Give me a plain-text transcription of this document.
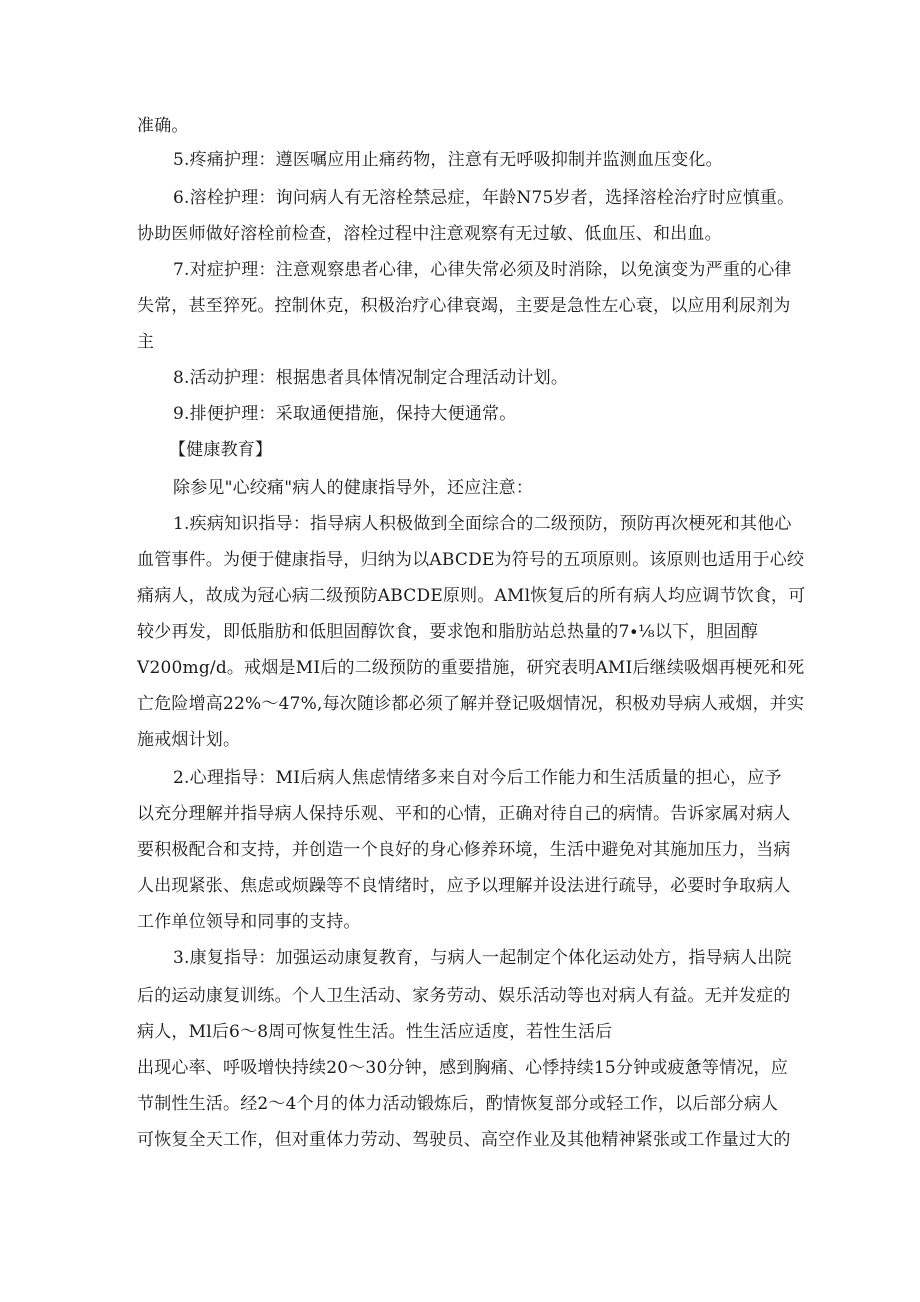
准确。

5.疼痛护理：遵医嘱应用止痛药物，注意有无呼吸抑制并监测血压变化。

6.溶栓护理：询问病人有无溶栓禁忌症，年龄N75岁者，选择溶栓治疗时应慎重。

协助医师做好溶栓前检查，溶栓过程中注意观察有无过敏、低血压、和出血。

7.对症护理：注意观察患者心律，心律失常必须及时消除，以免演变为严重的心律

失常，甚至猝死。控制休克，积极治疗心律衰竭，主要是急性左心衰，以应用利尿剂为

主

8.活动护理：根据患者具体情况制定合理活动计划。

9.排便护理：采取通便措施，保持大便通常。

【健康教育】

除参见"心绞痛"病人的健康指导外，还应注意：

1.疾病知识指导：指导病人积极做到全面综合的二级预防，预防再次梗死和其他心

血管事件。为便于健康指导，归纳为以ABCDE为符号的五项原则。该原则也适用于心绞

痛病人，故成为冠心病二级预防ABCDE原则。AMl恢复后的所有病人均应调节饮食，可

较少再发，即低脂肪和低胆固醇饮食，要求饱和脂肪站总热量的7∙⅛以下，胆固醇

V200mg/d。戒烟是MI后的二级预防的重要措施，研究表明AMI后继续吸烟再梗死和死

亡危险增高22%～47%,每次随诊都必须了解并登记吸烟情况，积极劝导病人戒烟，并实

施戒烟计划。

2.心理指导：MI后病人焦虑情绪多来自对今后工作能力和生活质量的担心，应予

以充分理解并指导病人保持乐观、平和的心情，正确对待自己的病情。告诉家属对病人

要积极配合和支持，并创造一个良好的身心修养环境，生活中避免对其施加压力，当病

人出现紧张、焦虑或烦躁等不良情绪时，应予以理解并设法进行疏导，必要时争取病人

工作单位领导和同事的支持。

3.康复指导：加强运动康复教育，与病人一起制定个体化运动处方，指导病人出院

后的运动康复训练。个人卫生活动、家务劳动、娱乐活动等也对病人有益。无并发症的

病人，Ml后6～8周可恢复性生活。性生活应适度，若性生活后

出现心率、呼吸增快持续20～30分钟，感到胸痛、心悸持续15分钟或疲惫等情况，应

节制性生活。经2～4个月的体力活动锻炼后，酌情恢复部分或轻工作，以后部分病人

可恢复全天工作，但对重体力劳动、驾驶员、高空作业及其他精神紧张或工作量过大的
